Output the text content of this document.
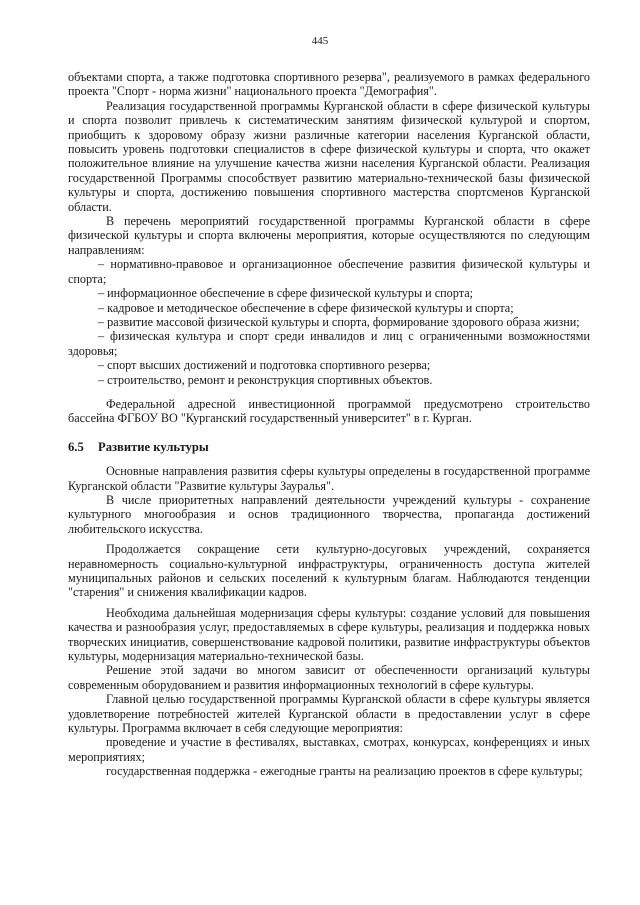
445

объектами спорта, а также подготовка спортивного резерва", реализуемого в рамках федерального проекта "Спорт - норма жизни" национального проекта "Демография".

Реализация государственной программы Курганской области в сфере физической культуры и спорта позволит привлечь к систематическим занятиям физической культурой и спортом, приобщить к здоровому образу жизни различные категории населения Курганской области, повысить уровень подготовки специалистов в сфере физической культуры и спорта, что окажет положительное влияние на улучшение качества жизни населения Курганской области. Реализация государственной Программы способствует развитию материально-технической базы физической культуры и спорта, достижению повышения спортивного мастерства спортсменов Курганской области.

В перечень мероприятий государственной программы Курганской области в сфере физической культуры и спорта включены мероприятия, которые осуществляются по следующим направлениям:

– нормативно-правовое и организационное обеспечение развития физической культуры и спорта;

– информационное обеспечение в сфере физической культуры и спорта;

– кадровое и методическое обеспечение в сфере физической культуры и спорта;

– развитие массовой физической культуры и спорта, формирование здорового образа жизни;

– физическая культура и спорт среди инвалидов и лиц с ограниченными возможностями здоровья;

– спорт высших достижений и подготовка спортивного резерва;

– строительство, ремонт и реконструкция спортивных объектов.

Федеральной адресной инвестиционной программой предусмотрено строительство бассейна ФГБОУ ВО "Курганский государственный университет" в г. Курган.

6.5 Развитие культуры

Основные направления развития сферы культуры определены в государственной программе Курганской области "Развитие культуры Зауралья".

В числе приоритетных направлений деятельности учреждений культуры - сохранение культурного многообразия и основ традиционного творчества, пропаганда достижений любительского искусства.

Продолжается сокращение сети культурно-досуговых учреждений, сохраняется неравномерность социально-культурной инфраструктуры, ограниченность доступа жителей муниципальных районов и сельских поселений к культурным благам. Наблюдаются тенденции "старения" и снижения квалификации кадров.

Необходима дальнейшая модернизация сферы культуры: создание условий для повышения качества и разнообразия услуг, предоставляемых в сфере культуры, реализация и поддержка новых творческих инициатив, совершенствование кадровой политики, развитие инфраструктуры объектов культуры, модернизация материально-технической базы.

Решение этой задачи во многом зависит от обеспеченности организаций культуры современным оборудованием и развития информационных технологий в сфере культуры.

Главной целью государственной программы Курганской области в сфере культуры является удовлетворение потребностей жителей Курганской области в предоставлении услуг в сфере культуры. Программа включает в себя следующие мероприятия:

проведение и участие в фестивалях, выставках, смотрах, конкурсах, конференциях и иных мероприятиях;

государственная поддержка - ежегодные гранты на реализацию проектов в сфере культуры;
